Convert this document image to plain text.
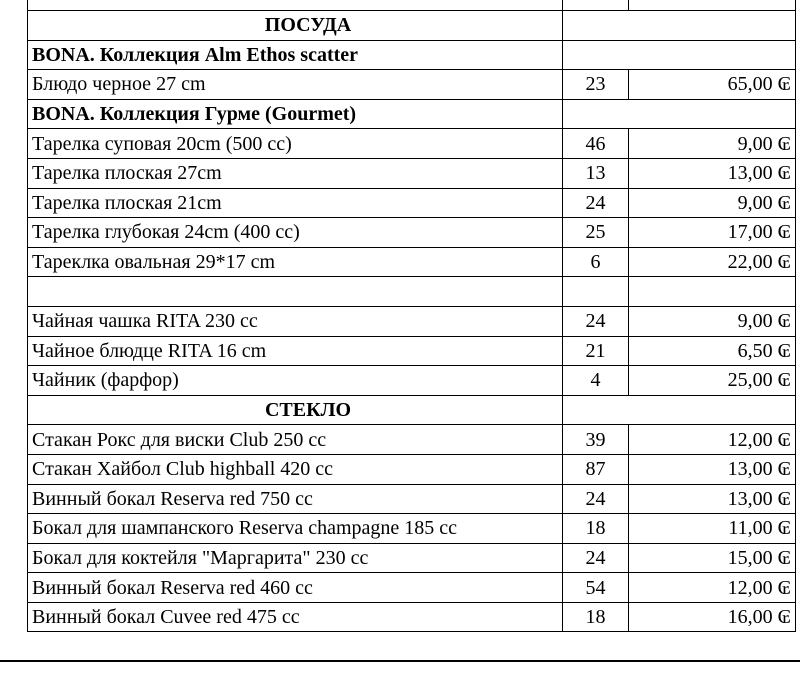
ПОСУДА		
BONA. Коллекция Alm Ethos scatter		
Блюдо черное 27 cm	23	65,00 ₢
BONA. Коллекция Гурме (Gourmet)		
Тарелка суповая 20cm (500 cc)	46	9,00 ₢
Тарелка плоская 27cm	13	13,00 ₢
Тарелка плоская 21cm	24	9,00 ₢
Тарелка глубокая 24cm (400 cc)	25	17,00 ₢
Тареклка овальная 29*17 cm	6	22,00 ₢

Чайная чашка RITA 230 cc	24	9,00 ₢
Чайное блюдце RITA 16 cm	21	6,50 ₢
Чайник (фарфор)	4	25,00 ₢
СТЕКЛО		
Стакан Рокс для виски Club 250 cc	39	12,00 ₢
Стакан Хайбол Club highball 420 cc	87	13,00 ₢
Винный бокал Reserva red 750 cc	24	13,00 ₢
Бокал для шампанского Reserva champagne 185 cc	18	11,00 ₢
Бокал для коктейля "Маргарита" 230 cc	24	15,00 ₢
Винный бокал Reserva red 460 cc	54	12,00 ₢
Винный бокал Cuvee red 475 cc	18	16,00 ₢
